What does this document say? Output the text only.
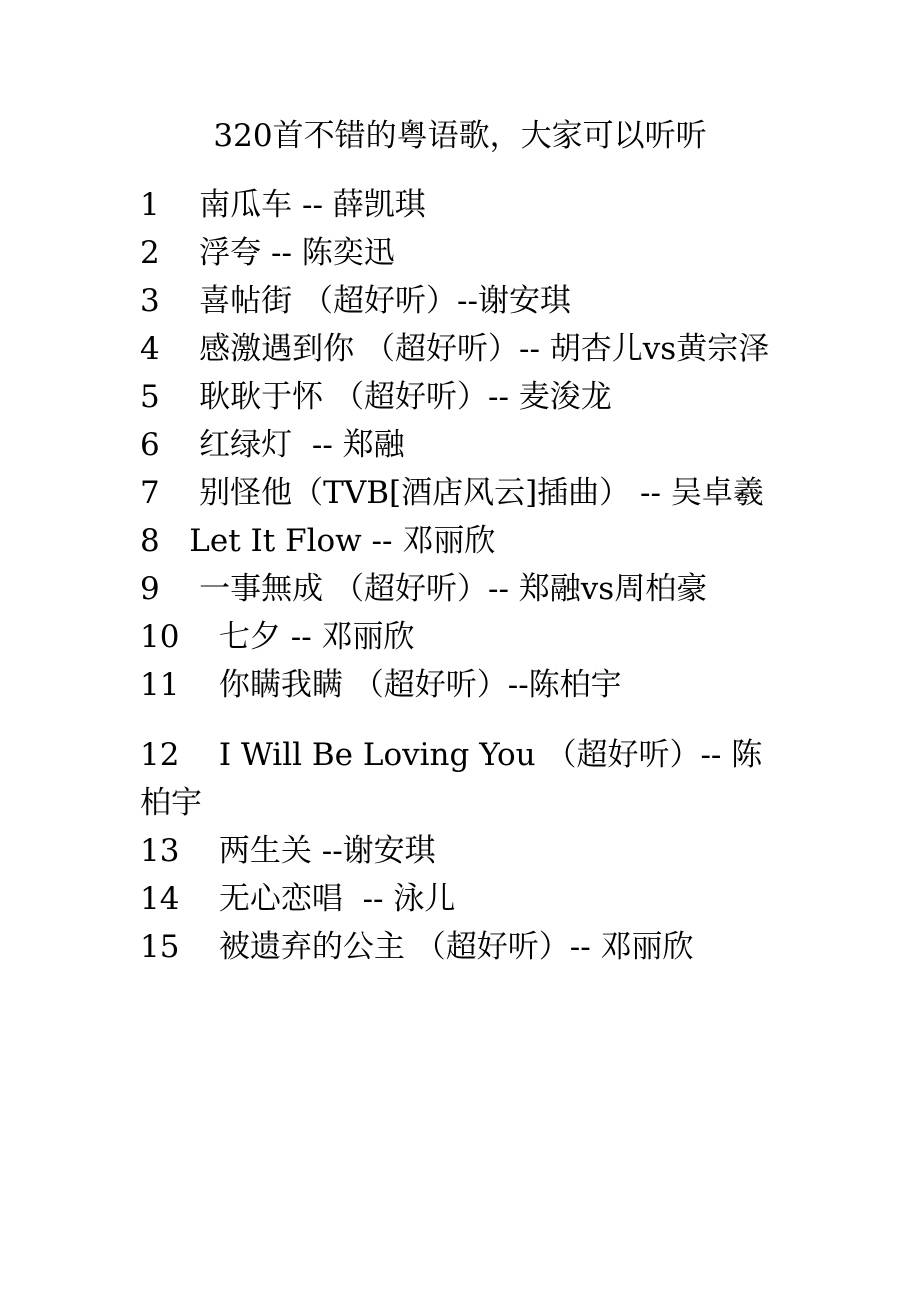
320首不错的粤语歌，大家可以听听
1    南瓜车 -- 薛凯琪
2    浮夸 -- 陈奕迅
3    喜帖街 （超好听）--谢安琪
4    感激遇到你 （超好听）-- 胡杏儿vs黄宗泽
5    耿耿于怀 （超好听）-- 麦浚龙
6    红绿灯  -- 郑融
7    别怪他（TVB[酒店风云]插曲） -- 吴卓羲
8   Let It Flow -- 邓丽欣
9    一事無成 （超好听）-- 郑融vs周柏豪
10    七夕 -- 邓丽欣
11    你瞒我瞒 （超好听）--陈柏宇
12    I Will Be Loving You （超好听）-- 陈柏宇
13    两生关 --谢安琪
14    无心恋唱  -- 泳儿
15    被遗弃的公主 （超好听）-- 邓丽欣
